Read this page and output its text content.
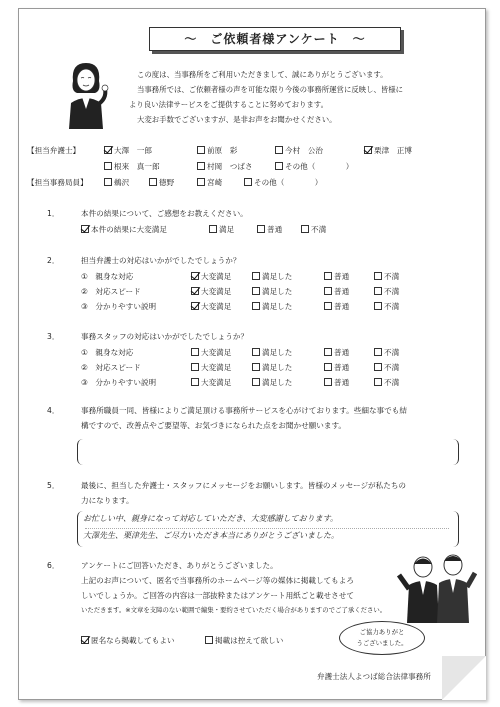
～　ご依頼者様アンケート　～
この度は、当事務所をご利用いただきまして、誠にありがとうございます。
当事務所では、ご依頼者様の声を可能な限り今後の事務所運営に反映し、皆様に
より良い法律サービスをご提供することに努めております。
大変お手数でございますが、是非お声をお聞かせください。
【担当弁護士】	大澤　一郎	前原　彩	今村　公治	栗津　正博
根來　真一郎	村岡　つばさ	その他（　　　　）
【担当事務局員】	鵜沢	徳野	宮崎	その他（　　　　）
1．	本件の結果について、ご感想をお教えください。
本件の結果に大変満足	満足	普通	不満
2．	担当弁護士の対応はいかがでしたでしょうか？
①　親身な対応	大変満足	満足した	普通	不満
②　対応スピード	大変満足	満足した	普通	不満
③　分かりやすい説明	大変満足	満足した	普通	不満
3．	事務スタッフの対応はいかがでしたでしょうか？
①　親身な対応	大変満足	満足した	普通	不満
②　対応スピード	大変満足	満足した	普通	不満
③　分かりやすい説明	大変満足	満足した	普通	不満
4．	事務所職員一同、皆様によりご満足頂ける事務所サービスを心がけております。些細な事でも結
構ですので、改善点やご要望等、お気づきになられた点をお聞かせ願います。
5．	最後に、担当した弁護士・スタッフにメッセージをお願いします。皆様のメッセージが私たちの
力になります。
お忙しい中、親身になって対応していただき、大変感謝しております。
大澤先生、栗津先生、ご尽力いただき本当にありがとうございました。
6．	アンケートにご回答いただき、ありがとうございました。
上記のお声について、匿名で当事務所のホームページ等の媒体に掲載してもよろ
しいでしょうか。ご回答の内容は一部抜粋またはアンケート用紙ごと載せさせて
いただきます。※文章を支障のない範囲で編集・要約させていただく場合がありますのでご了承ください。
匿名なら掲載してもよい	掲載は控えて欲しい
ご協力ありがと
うございました。
弁護士法人よつば総合法律事務所
